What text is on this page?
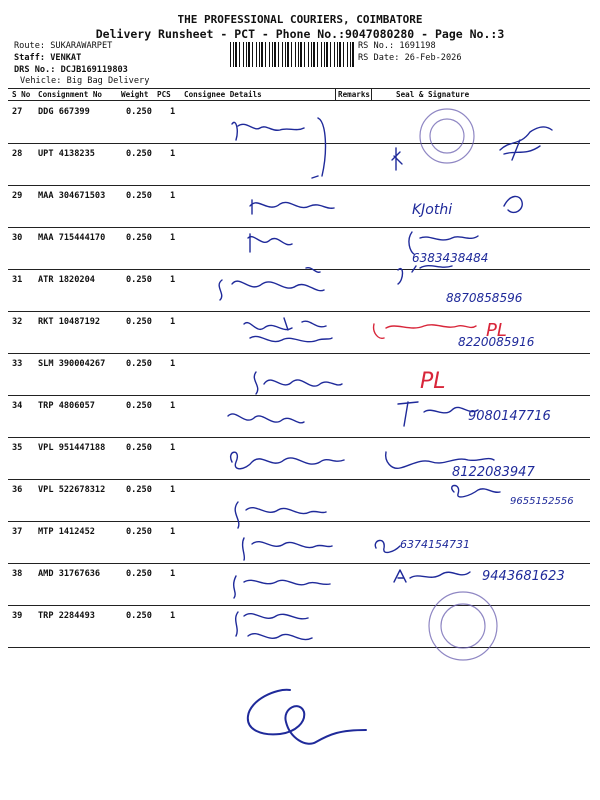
THE PROFESSIONAL COURIERS, COIMBATORE
Delivery Runsheet - PCT - Phone No.:9047080280 - Page No.:3
Route: SUKARAWARPET
Staff: VENKAT
DRS No.: DCJB169119803
Vehicle: Big Bag Delivery
RS No.: 1691198
RS Date: 26-Feb-2026
S No Consignment No Weight PCS Consignee Details	Remarks	Seal & Signature
27 DDG 667399	0.250 1
28 UPT 4138235	0.250 1
29 MAA 304671503 0.250 1
30 MAA 715444170 0.250 1
31 ATR 1820204	0.250 1
32 RKT 10487192	0.250 1
33 SLM 390004267 0.250 1
34 TRP 4806057	0.250 1
35 VPL 951447188 0.250 1
36 VPL 522678312 0.250 1
37 MTP 1412452	0.250 1
38 AMD 31767636	0.250 1
39 TRP 2284493	0.250 1
KJothi
6383438484
8870858596
9080147716
8122083947
9655152556
6374154731
9443681623
PL
PL
8220085916
